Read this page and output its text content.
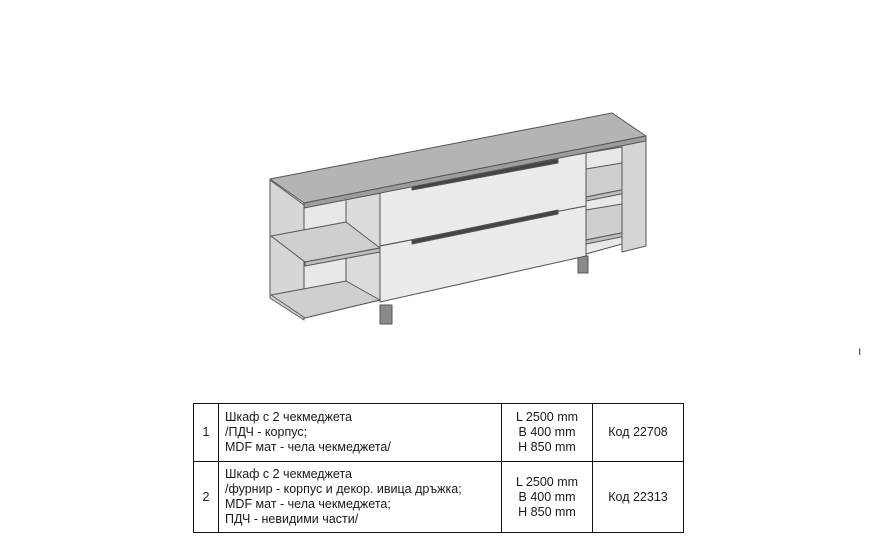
ı
1	Шкаф с 2 чекмеджета
/ПДЧ - корпус;
MDF мат - чела чекмеджета/	L 2500 mm
В 400 mm
Н 850 mm	Код 22708
2	Шкаф с 2 чекмеджета
/фурнир - корпус и декор. ивица дръжка;
MDF мат - чела чекмеджета;
ПДЧ - невидими части/	L 2500 mm
В 400 mm
Н 850 mm	Код 22313
